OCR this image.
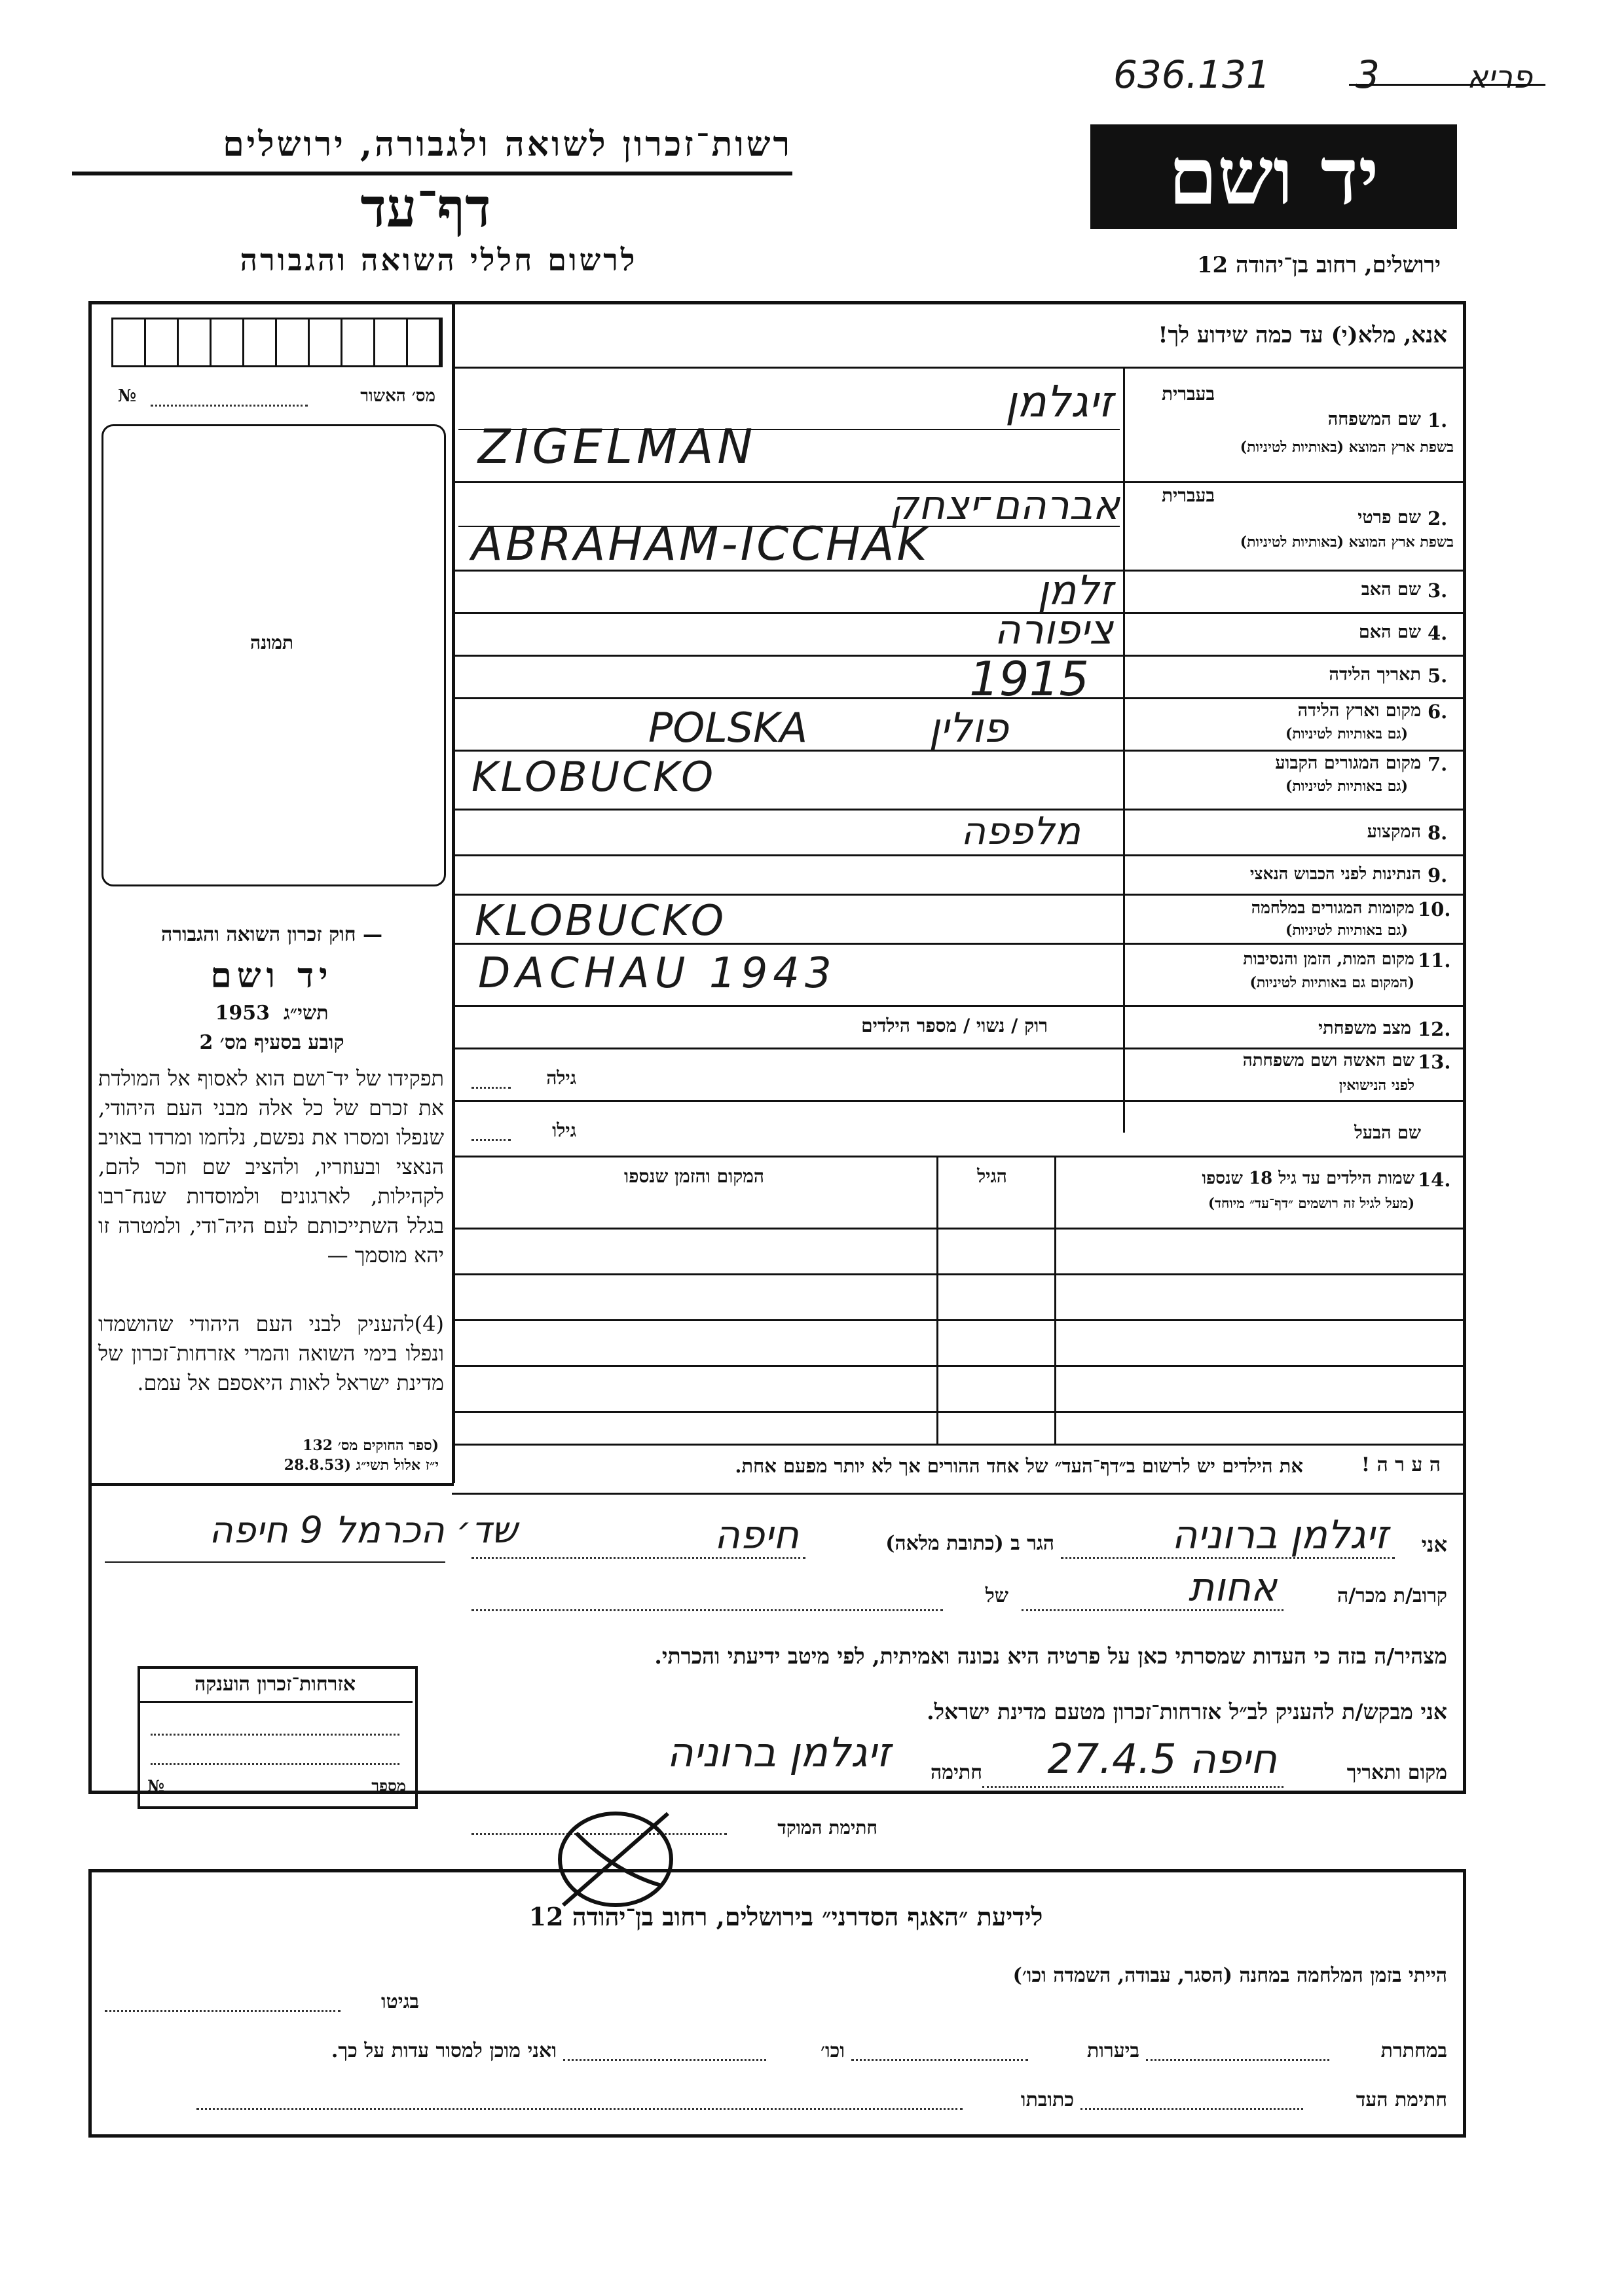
636.131 3	פריא
רשות־זכרון לשואה ולגבורה, ירושלים
דף־עד
לרשום חללי השואה והגבורה
יד ושם
ירושלים, רחוב בן־יהודה 12
אנא, מלא(י) עד כמה שידוע לך!
מס׳ האשור
№
תמונה
— חוק זכרון השואה והגבורה
יד ושם
1953 תשי״ג
קובע בסעיף מס׳ 2
תפקידו של יד־ושם הוא לאסוף אל המולדת את זכרם של כל אלה מבני העם היהודי, שנפלו ומסרו את נפשם, נלחמו ומרדו באויב הנאצי ובעוזריו, ולהציב שם וזכר להם, לקהילות, לארגונים ולמוסדות שנח־רבו בגלל השתייכותם לעם היה־ודי, ולמטרה זו יהא מוסמך —
(4)להעניק לבני העם היהודי שהושמדו ונפלו בימי השואה והמרי אזרחות־זכרון של מדינת ישראל לאות היאספם אל עמם.
(ספר החוקים מס׳ 132
י״ז אלול תשי״ג (28.8.53
שד׳ הכרמל 9 חיפה
אזרחות־זכרון הוענקה
מספר
№
בעברית
1.
שם המשפחה
בשפת ארץ המוצא (באותיות לטיניות)
זיגלמן
ZIGELMAN
בעברית
2.
שם פרטי
בשפת ארץ המוצא (באותיות לטיניות)
אברהם־יצחק
ABRAHAM-ICCHAK
3.
שם האב
זלמן
4.
שם האם
ציפורה
5.
תאריך הלידה
1915
6.
מקום וארץ הלידה
(גם באותיות לטיניות)
POLSKA	פולין
7.
מקום המגורים הקבוע
(גם באותיות לטיניות)
KLOBUCKO
8.
המקצוע
מלפפה
9.
הנתינות לפני הכבוש הנאצי
10.
מקומות המגורים במלחמה
(גם באותיות לטיניות)
KLOBUCKO
11.
מקום המות, הזמן והנסיבות
(המקום גם באותיות לטיניות)
DACHAU 1943
12.
מצב משפחתי
רוק / נשוי / מספר הילדים
13.
שם האשה ושם משפחתה
לפני הנישואין
גילה
שם הבעל
גילו
14.
שמות הילדים עד גיל 18 שנספו
(מעל לגיל זה רושמים ״דף־עד״ מיוחד)
הגיל
המקום והזמן שנספו
ה ע ר ה !
את הילדים יש לרשום ב״דף־העד״ של אחד ההורים אך לא יותר מפעם אחת.
אני
זיגלמן ברוניה
הגר ב (כתובת מלאה)
חיפה
קרוב/ת מכר/ה
אחות
של
מצהיר/ה בזה כי העדות שמסרתי כאן על פרטיה היא נכונה ואמיתית, לפי מיטב ידיעתי והכרתי.
אני מבקש/ת להעניק לב״ל אזרחות־זכרון מטעם מדינת ישראל.
מקום ותאריך
חיפה 27.4.5
חתימה
זיגלמן ברוניה
חתימת המוקד
לידיעת ״האגף הסדרני״ בירושלים, רחוב בן־יהודה 12
הייתי בזמן המלחמה במחנה (הסגר, עבודה, השמדה וכו׳)
בגיטו
במחתרת
ביערות
וכו׳
ואני מוכן למסור עדות על כך.
חתימת העד
כתובתו
